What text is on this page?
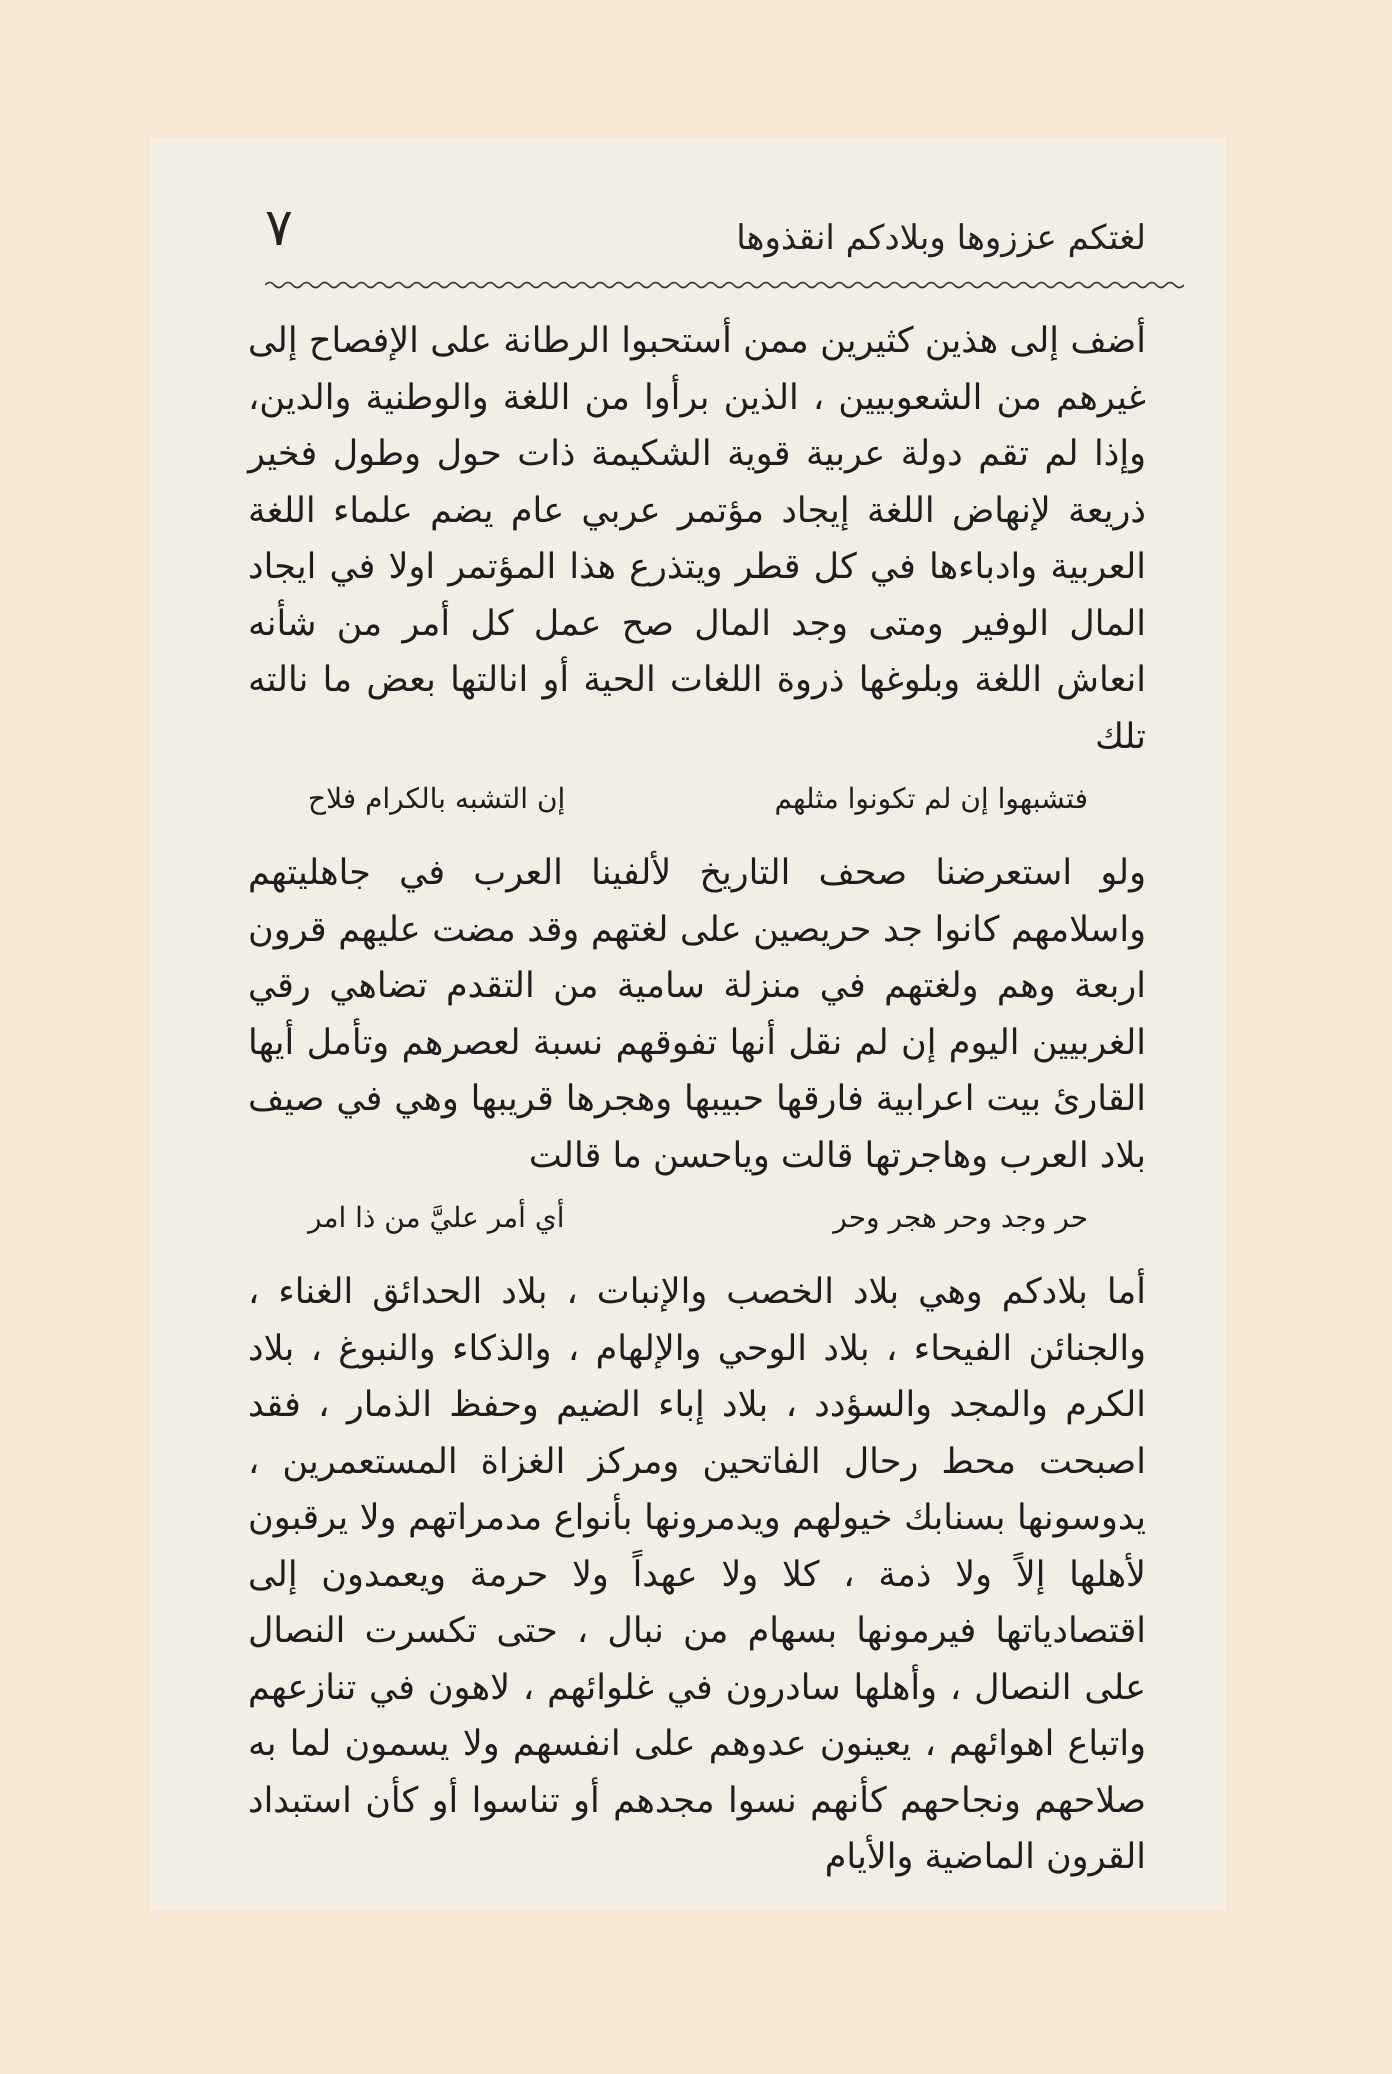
لغتكم عززوها وبلادكم انقذوها
٧

أضف إلى هذين كثيرين ممن أستحبوا الرطانة على الإفصاح إلى غيرهم من الشعوبيين ، الذين برأوا من اللغة والوطنية والدين، وإذا لم تقم دولة عربية قوية الشكيمة ذات حول وطول فخير ذريعة لإنهاض اللغة إيجاد مؤتمر عربي عام يضم علماء اللغة العربية وادباءها في كل قطر ويتذرع هذا المؤتمر اولا في ايجاد المال الوفير ومتى وجد المال صح عمل كل أمر من شأنه انعاش اللغة وبلوغها ذروة اللغات الحية أو انالتها بعض ما نالته تلك

فتشبهوا إن لم تكونوا مثلهم
إن التشبه بالكرام فلاح

ولو استعرضنا صحف التاريخ لألفينا العرب في جاهليتهم واسلامهم كانوا جد حريصين على لغتهم وقد مضت عليهم قرون اربعة وهم ولغتهم في منزلة سامية من التقدم تضاهي رقي الغربيين اليوم إن لم نقل أنها تفوقهم نسبة لعصرهم وتأمل أيها القارئ بيت اعرابية فارقها حبيبها وهجرها قريبها وهي في صيف بلاد العرب وهاجرتها قالت وياحسن ما قالت

حر وجد وحر هجر وحر
أي أمر عليَّ من ذا امر

أما بلادكم وهي بلاد الخصب والإنبات ، بلاد الحدائق الغناء ، والجنائن الفيحاء ، بلاد الوحي والإلهام ، والذكاء والنبوغ ، بلاد الكرم والمجد والسؤدد ، بلاد إباء الضيم وحفظ الذمار ، فقد اصبحت محط رحال الفاتحين ومركز الغزاة المستعمرين ، يدوسونها بسنابك خيولهم ويدمرونها بأنواع مدمراتهم ولا يرقبون لأهلها إلاً ولا ذمة ، كلا ولا عهداً ولا حرمة ويعمدون إلى اقتصادياتها فيرمونها بسهام من نبال ، حتى تكسرت النصال على النصال ، وأهلها سادرون في غلوائهم ، لاهون في تنازعهم واتباع اهوائهم ، يعينون عدوهم على انفسهم ولا يسمون لما به صلاحهم ونجاحهم كأنهم نسوا مجدهم أو تناسوا أو كأن استبداد القرون الماضية والأيام
